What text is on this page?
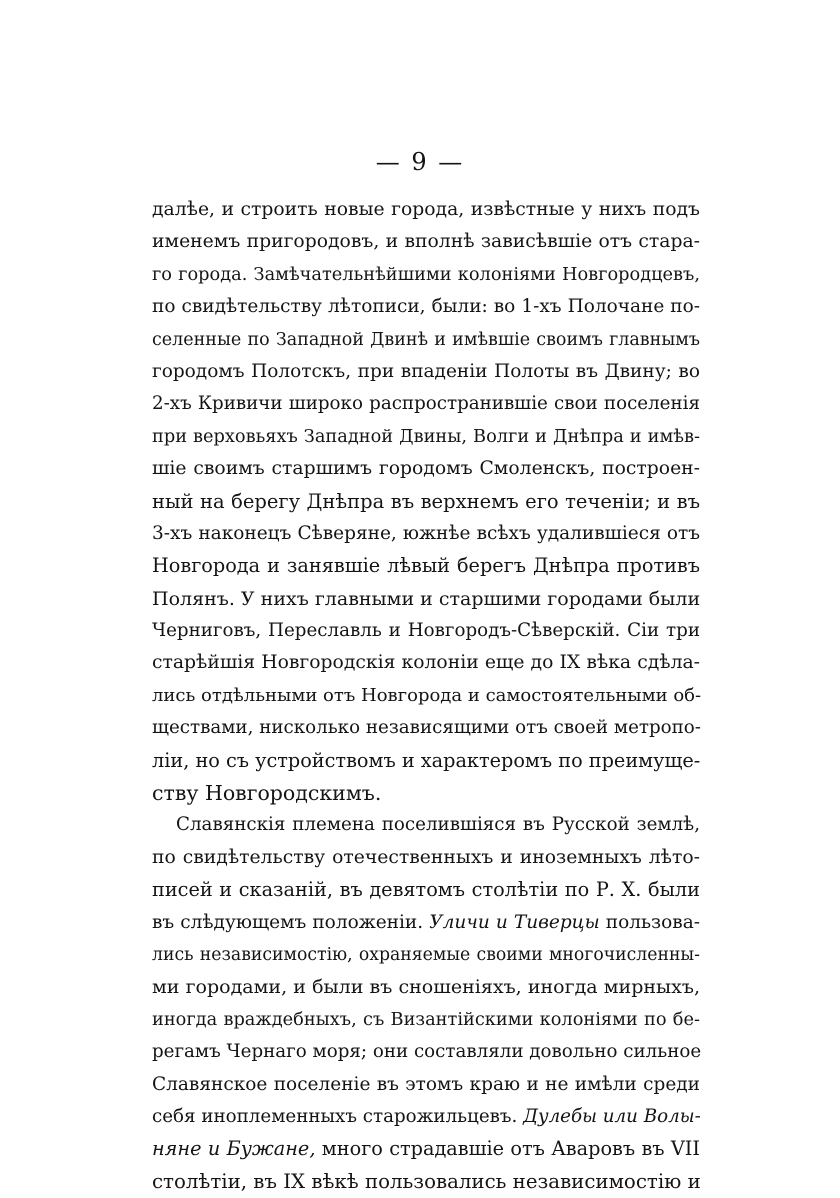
— 9 —
далѣе, и строить новые города, извѣстные у нихъ подъ
именемъ пригородовъ, и вполнѣ зависѣвшіе отъ стара-
го города. Замѣчательнѣйшими колоніями Новгородцевъ,
по свидѣтельству лѣтописи, были: во 1-хъ Полочане по-
селенные по Западной Двинѣ и имѣвшіе своимъ главнымъ
городомъ Полотскъ, при впаденіи Полоты въ Двину; во
2-хъ Кривичи широко распространившіе свои поселенія
при верховьяхъ Западной Двины, Волги и Днѣпра и имѣв-
шіе своимъ старшимъ городомъ Смоленскъ, построен-
ный на берегу Днѣпра въ верхнемъ его теченіи; и въ
3-хъ наконецъ Сѣверяне, южнѣе всѣхъ удалившіеся отъ
Новгорода и занявшіе лѣвый берегъ Днѣпра противъ
Полянъ. У нихъ главными и старшими городами были
Черниговъ, Переславль и Новгородъ-Сѣверскій. Сіи три
старѣйшія Новгородскія колоніи еще до IX вѣка сдѣла-
лись отдѣльными отъ Новгорода и самостоятельными об-
ществами, нисколько независящими отъ своей метропо-
ліи, но съ устройствомъ и характеромъ по преимуще-
ству Новгородскимъ.
Славянскія племена поселившіяся въ Русской землѣ,
по свидѣтельству отечественныхъ и иноземныхъ лѣто-
писей и сказаній, въ девятомъ столѣтіи по Р. Х. были
въ слѣдующемъ положеніи. Уличи и Тиверцы пользова-
лись независимостію, охраняемые своими многочисленны-
ми городами, и были въ сношеніяхъ, иногда мирныхъ,
иногда враждебныхъ, съ Византійскими колоніями по бе-
регамъ Чернаго моря; они составляли довольно сильное
Славянское поселеніе въ этомъ краю и не имѣли среди
себя иноплеменныхъ старожильцевъ. Дулебы или Волы-
няне и Бужане, много страдавшіе отъ Аваровъ въ VII
столѣтіи, въ IX вѣкѣ пользовались независимостію и
